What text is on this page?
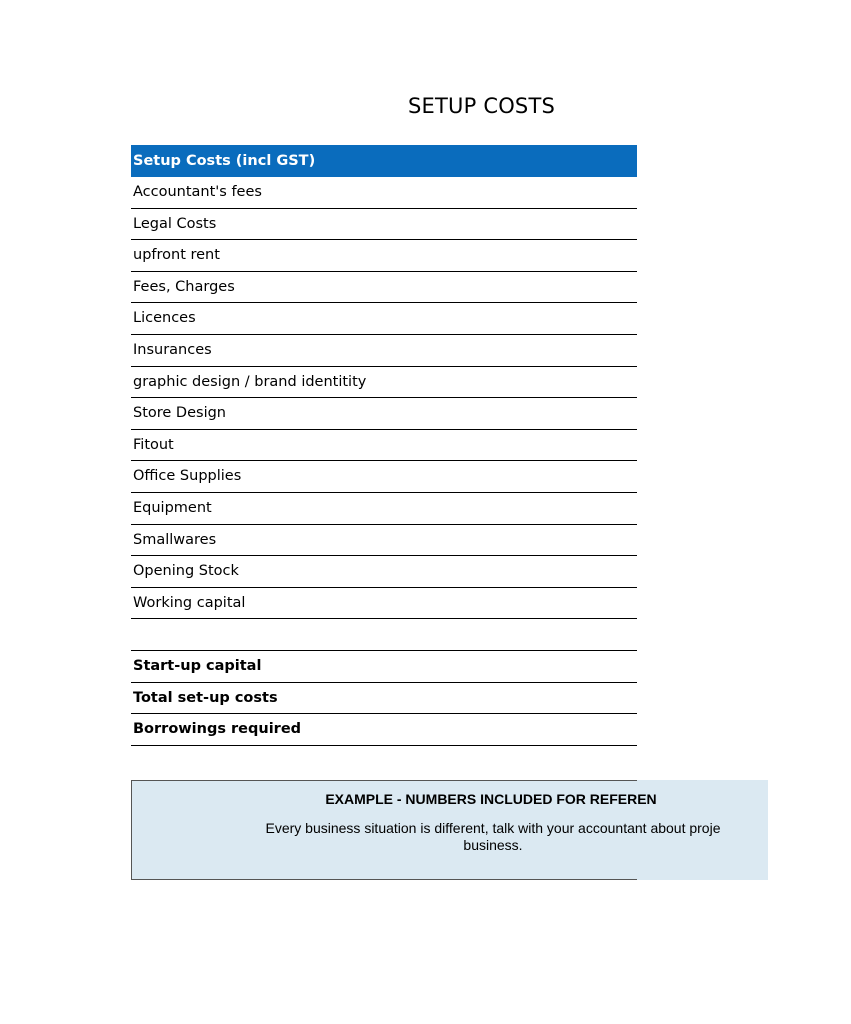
SETUP COSTS
Setup Costs (incl GST)
Accountant's fees
Legal Costs
upfront rent
Fees, Charges
Licences
Insurances
graphic design / brand identitity
Store Design
Fitout
Office Supplies
Equipment
Smallwares
Opening Stock
Working capital
Start-up capital
Total set-up costs
Borrowings required
EXAMPLE - NUMBERS INCLUDED FOR REFEREN
Every business situation is different, talk with your accountant about proje
business.
